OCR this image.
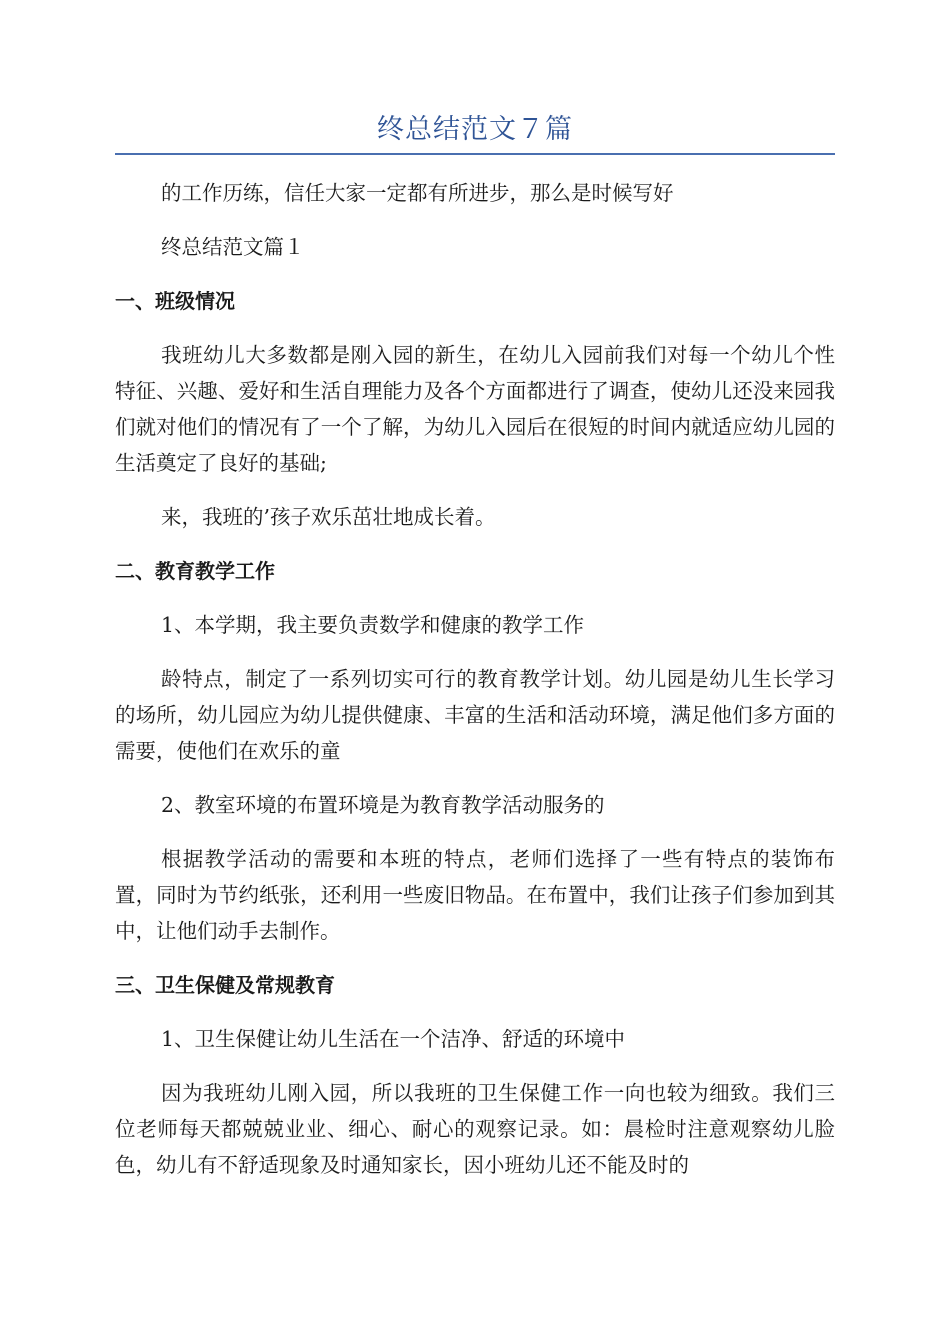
终总结范文７篇

的工作历练，信任大家一定都有所进步，那么是时候写好

终总结范文篇１

一、班级情况

我班幼儿大多数都是刚入园的新生，在幼儿入园前我们对每一个幼儿个性特征、兴趣、爱好和生活自理能力及各个方面都进行了调查，使幼儿还没来园我们就对他们的情况有了一个了解，为幼儿入园后在很短的时间内就适应幼儿园的生活奠定了良好的基础;

来，我班的’孩子欢乐茁壮地成长着。

二、教育教学工作

1、本学期，我主要负责数学和健康的教学工作

龄特点，制定了一系列切实可行的教育教学计划。幼儿园是幼儿生长学习的场所，幼儿园应为幼儿提供健康、丰富的生活和活动环境，满足他们多方面的需要，使他们在欢乐的童

2、教室环境的布置环境是为教育教学活动服务的

根据教学活动的需要和本班的特点，老师们选择了一些有特点的装饰布置，同时为节约纸张，还利用一些废旧物品。在布置中，我们让孩子们参加到其中，让他们动手去制作。

三、卫生保健及常规教育

1、卫生保健让幼儿生活在一个洁净、舒适的环境中

因为我班幼儿刚入园，所以我班的卫生保健工作一向也较为细致。我们三位老师每天都兢兢业业、细心、耐心的观察记录。如：晨检时注意观察幼儿脸色，幼儿有不舒适现象及时通知家长，因小班幼儿还不能及时的
